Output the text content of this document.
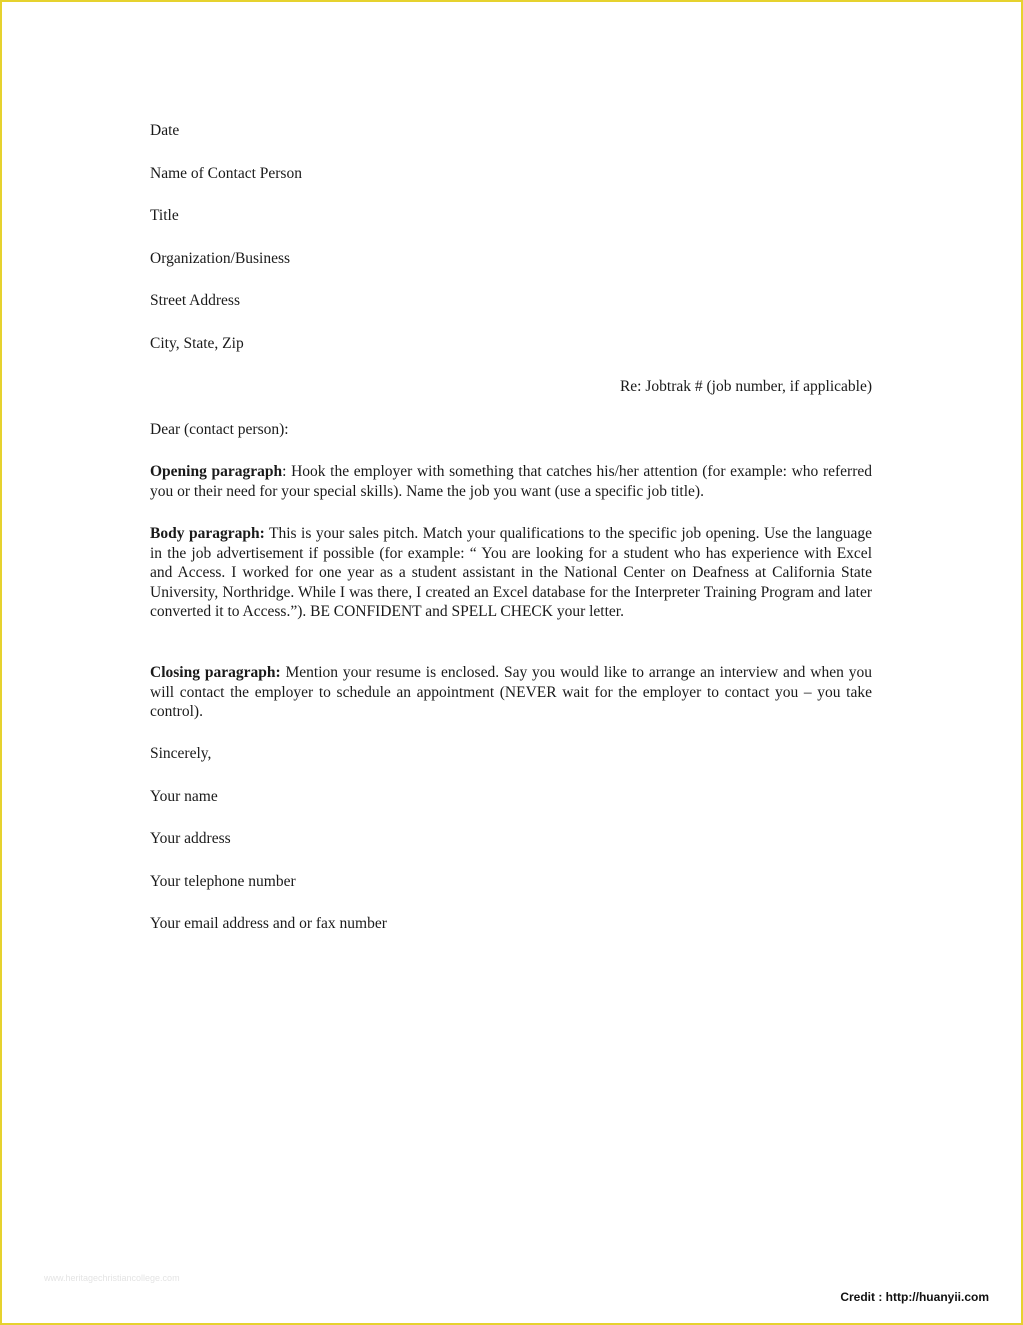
Date
Name of Contact Person
Title
Organization/Business
Street Address
City, State, Zip
Re: Jobtrak # (job number, if applicable)
Dear (contact person):
Opening paragraph: Hook the employer with something that catches his/her attention (for example: who referred you or their need for your special skills). Name the job you want (use a specific job title).
Body paragraph: This is your sales pitch. Match your qualifications to the specific job opening. Use the language in the job advertisement if possible (for example: “ You are looking for a student who has experience with Excel and Access. I worked for one year as a student assistant in the National Center on Deafness at California State University, Northridge. While I was there, I created an Excel database for the Interpreter Training Program and later converted it to Access.”). BE CONFIDENT and SPELL CHECK your letter.
Closing paragraph: Mention your resume is enclosed. Say you would like to arrange an interview and when you will contact the employer to schedule an appointment (NEVER wait for the employer to contact you – you take control).
Sincerely,
Your name
Your address
Your telephone number
Your email address and or fax number
www.heritagechristiancollege.com
Credit : http://huanyii.com
